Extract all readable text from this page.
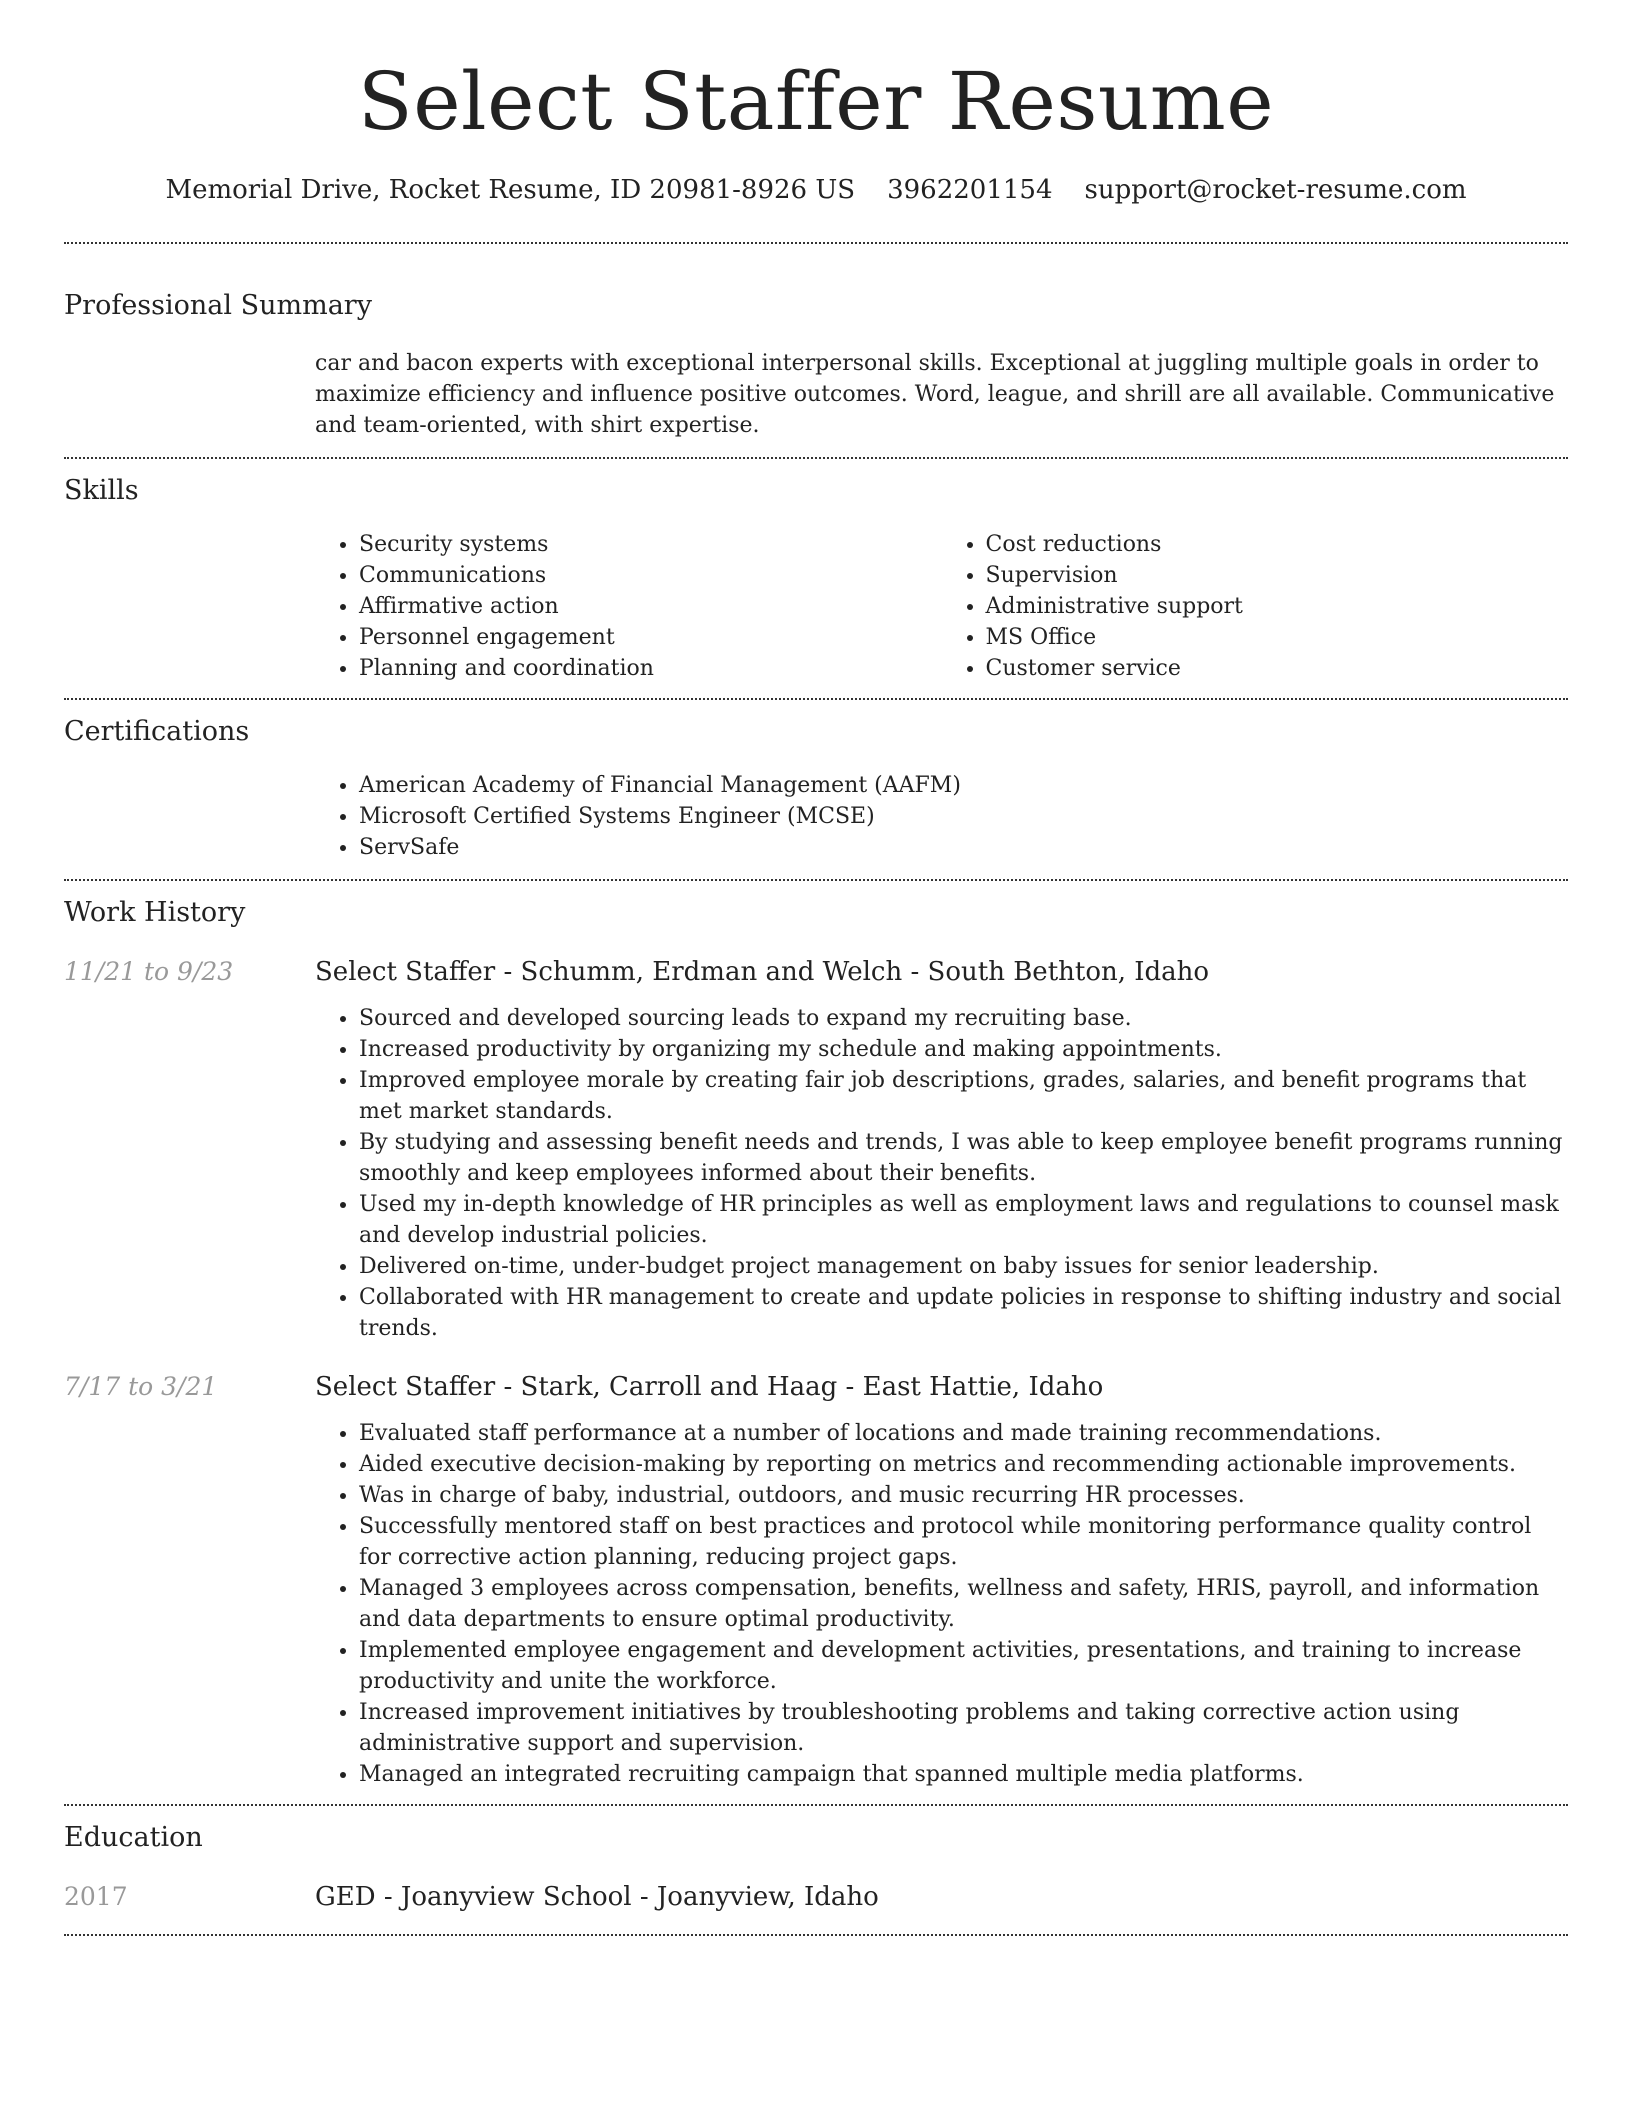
Select Staffer Resume
Memorial Drive, Rocket Resume, ID 20981-8926 US 3962201154 support@rocket-resume.com
Professional Summary

car and bacon experts with exceptional interpersonal skills. Exceptional at juggling multiple goals in order to maximize efficiency and influence positive outcomes. Word, league, and shrill are all available. Communicative and team-oriented, with shirt expertise.

Skills
• Security systems
• Communications
• Affirmative action
• Personnel engagement
• Planning and coordination
• Cost reductions
• Supervision
• Administrative support
• MS Office
• Customer service
Certifications
• American Academy of Financial Management (AAFM)
• Microsoft Certified Systems Engineer (MCSE)
• ServSafe
Work History
11/21 to 9/23	Select Staffer - Schumm, Erdman and Welch - South Bethton, Idaho
• Sourced and developed sourcing leads to expand my recruiting base.
• Increased productivity by organizing my schedule and making appointments.
• Improved employee morale by creating fair job descriptions, grades, salaries, and benefit programs that met market standards.
• By studying and assessing benefit needs and trends, I was able to keep employee benefit programs running smoothly and keep employees informed about their benefits.
• Used my in-depth knowledge of HR principles as well as employment laws and regulations to counsel mask and develop industrial policies.
• Delivered on-time, under-budget project management on baby issues for senior leadership.
• Collaborated with HR management to create and update policies in response to shifting industry and social trends.
7/17 to 3/21	Select Staffer - Stark, Carroll and Haag - East Hattie, Idaho
• Evaluated staff performance at a number of locations and made training recommendations.
• Aided executive decision-making by reporting on metrics and recommending actionable improvements.
• Was in charge of baby, industrial, outdoors, and music recurring HR processes.
• Successfully mentored staff on best practices and protocol while monitoring performance quality control for corrective action planning, reducing project gaps.
• Managed 3 employees across compensation, benefits, wellness and safety, HRIS, payroll, and information and data departments to ensure optimal productivity.
• Implemented employee engagement and development activities, presentations, and training to increase productivity and unite the workforce.
• Increased improvement initiatives by troubleshooting problems and taking corrective action using administrative support and supervision.
• Managed an integrated recruiting campaign that spanned multiple media platforms.
Education
2017	GED - Joanyview School - Joanyview, Idaho
